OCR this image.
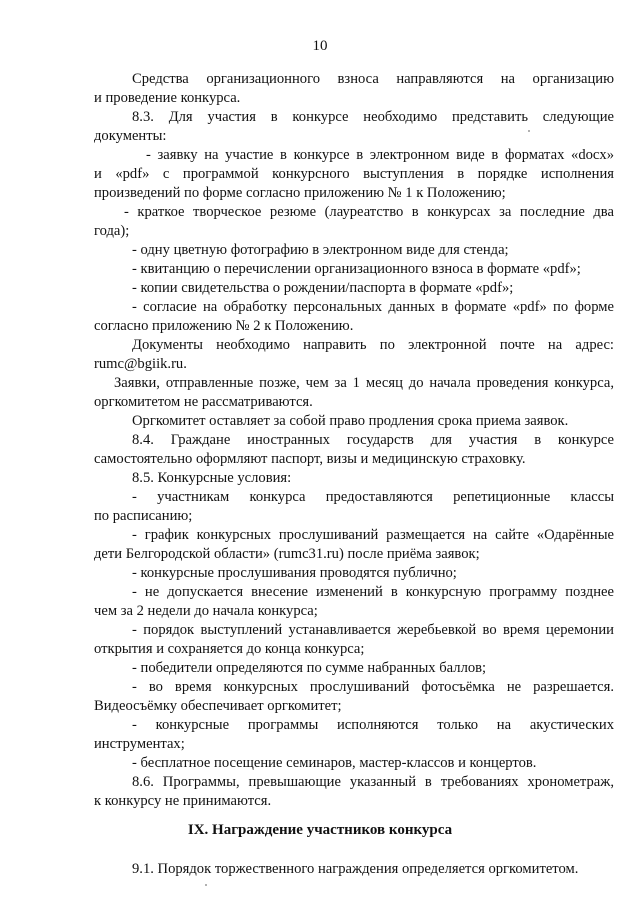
10
Средства организационного взноса направляются на организацию
и проведение конкурса.
8.3. Для участия в конкурсе необходимо представить следующие
документы:
- заявку на участие в конкурсе в электронном виде в форматах «docx»
и «pdf» с программой конкурсного выступления в порядке исполнения
произведений по форме согласно приложению № 1 к Положению;
- краткое творческое резюме (лауреатство в конкурсах за последние два
года);
- одну цветную фотографию в электронном виде для стенда;
- квитанцию о перечислении организационного взноса в формате «pdf»;
- копии свидетельства о рождении/паспорта в формате «pdf»;
- согласие на обработку персональных данных в формате «pdf» по форме
согласно приложению № 2 к Положению.
Документы необходимо направить по электронной почте на адрес:
rumc@bgiik.ru.
Заявки, отправленные позже, чем за 1 месяц до начала проведения конкурса,
оргкомитетом не рассматриваются.
Оргкомитет оставляет за собой право продления срока приема заявок.
8.4. Граждане иностранных государств для участия в конкурсе
самостоятельно оформляют паспорт, визы и медицинскую страховку.
8.5. Конкурсные условия:
- участникам конкурса предоставляются репетиционные классы
по расписанию;
- график конкурсных прослушиваний размещается на сайте «Одарённые
дети Белгородской области» (rumc31.ru) после приёма заявок;
- конкурсные прослушивания проводятся публично;
- не допускается внесение изменений в конкурсную программу позднее
чем за 2 недели до начала конкурса;
- порядок выступлений устанавливается жеребьевкой во время церемонии
открытия и сохраняется до конца конкурса;
- победители определяются по сумме набранных баллов;
- во время конкурсных прослушиваний фотосъёмка не разрешается.
Видеосъёмку обеспечивает оргкомитет;
- конкурсные программы исполняются только на акустических
инструментах;
- бесплатное посещение семинаров, мастер-классов и концертов.
8.6. Программы, превышающие указанный в требованиях хронометраж,
к конкурсу не принимаются.
IX. Награждение участников конкурса
9.1. Порядок торжественного награждения определяется оргкомитетом.
